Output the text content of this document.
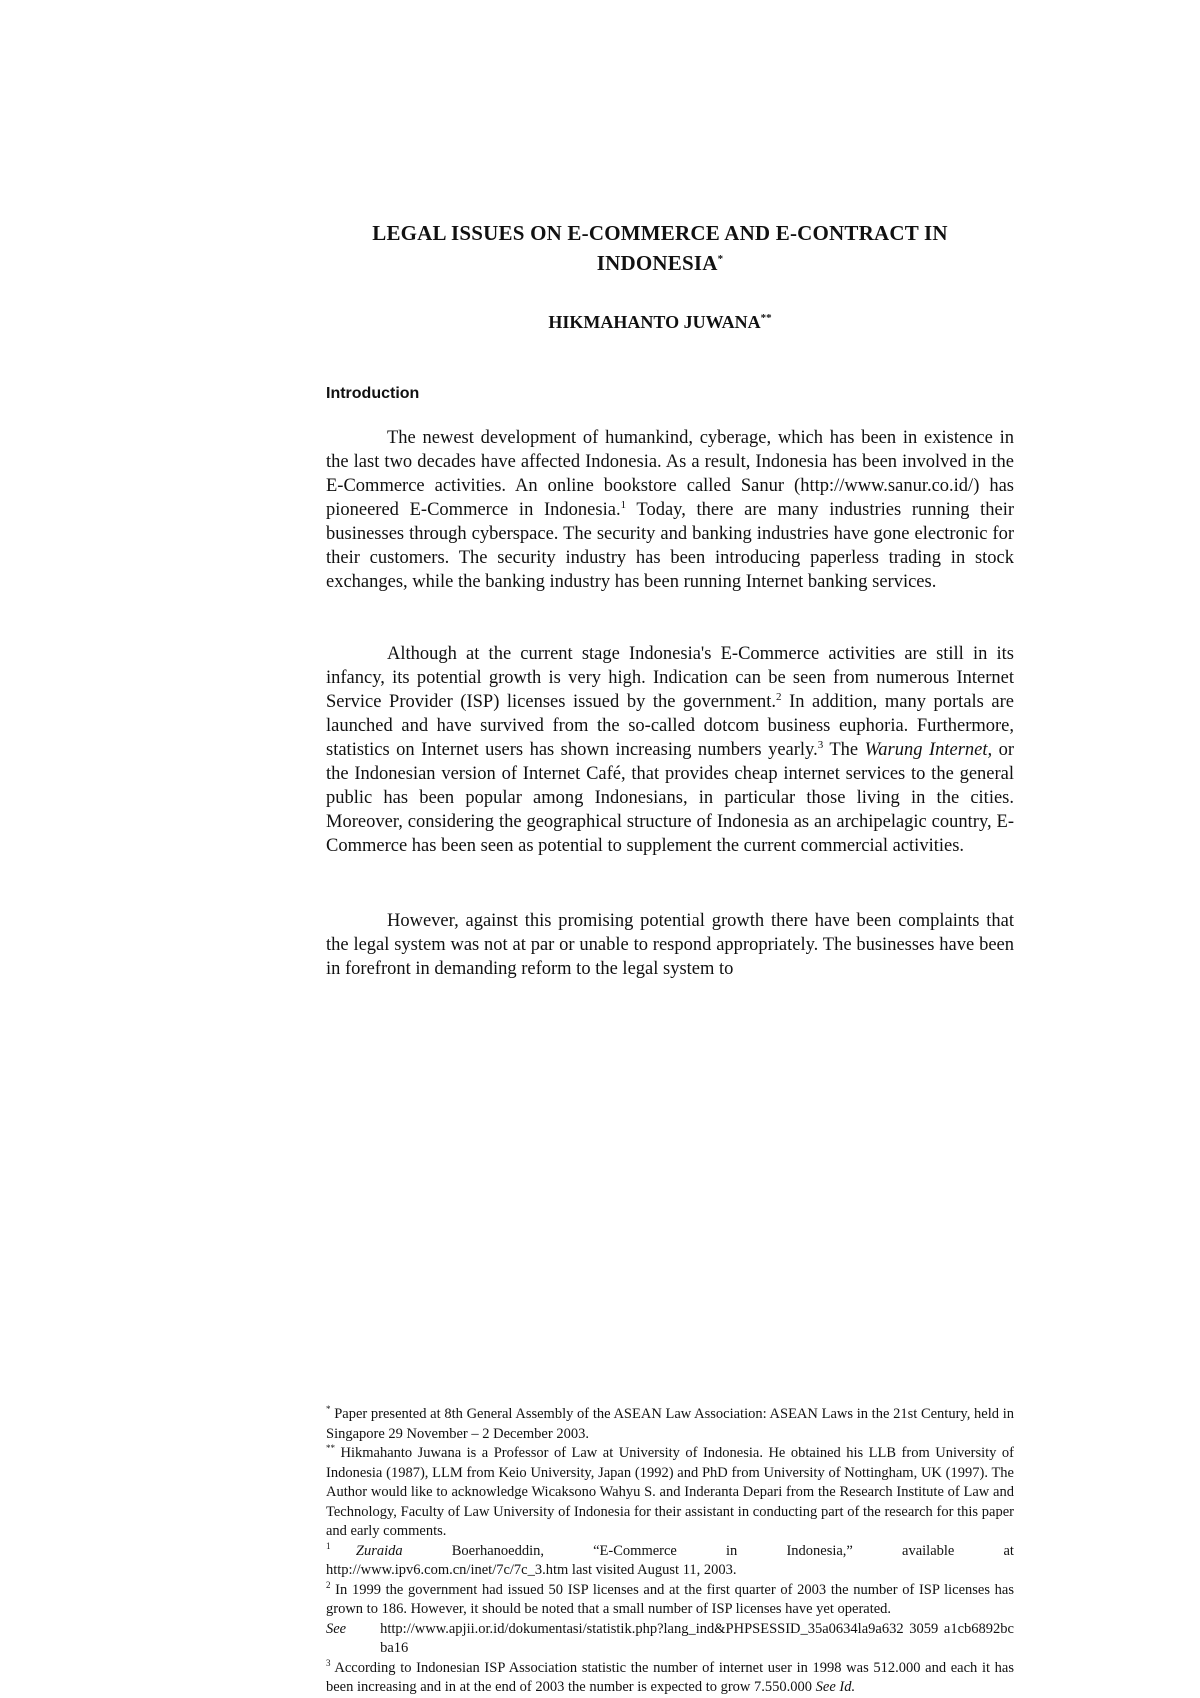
LEGAL ISSUES ON E-COMMERCE AND E-CONTRACT IN
INDONESIA*
HIKMAHANTO JUWANA**
Introduction

The newest development of humankind, cyberage, which has been in existence in the last two decades have affected Indonesia. As a result, Indonesia has been involved in the E-Commerce activities. An online bookstore called Sanur (http://www.sanur.co.id/) has pioneered E-Commerce in Indonesia.$^1$ Today, there are many industries running their businesses through cyberspace. The security and banking industries have gone electronic for their customers. The security industry has been introducing paperless trading in stock exchanges, while the banking industry has been running Internet banking services.

Although at the current stage Indonesia's E-Commerce activities are still in its infancy, its potential growth is very high. Indication can be seen from numerous Internet Service Provider (ISP) licenses issued by the government.$^2$ In addition, many portals are launched and have survived from the so-called dotcom business euphoria. Furthermore, statistics on Internet users has shown increasing numbers yearly.$^3$ The Warung Internet, or the Indonesian version of Internet Café, that provides cheap internet services to the general public has been popular among Indonesians, in particular those living in the cities. Moreover, considering the geographical structure of Indonesia as an archipelagic country, E-Commerce has been seen as potential to supplement the current commercial activities.

However, against this promising potential growth there have been complaints that the legal system was not at par or unable to respond appropriately. The businesses have been in forefront in demanding reform to the legal system to

* Paper presented at 8th General Assembly of the ASEAN Law Association: ASEAN Laws in the 21st Century, held in Singapore 29 November – 2 December 2003.

** Hikmahanto Juwana is a Professor of Law at University of Indonesia. He obtained his LLB from University of Indonesia (1987), LLM from Keio University, Japan (1992) and PhD from University of Nottingham, UK (1997). The Author would like to acknowledge Wicaksono Wahyu S. and Inderanta Depari from the Research Institute of Law and Technology, Faculty of Law University of Indonesia for their assistant in conducting part of the research for this paper and early comments.

$^1$ Zuraida	Boerhanoeddin,	“E-Commerce	in	Indonesia,”	available	at

http://www.ipv6.com.cn/inet/7c/7c_3.htm last visited August 11, 2003.

$^2$ In 1999 the government had issued 50 ISP licenses and at the first quarter of 2003 the number of ISP licenses has grown to 186. However, it should be noted that a small number of ISP licenses have yet operated.

See http://www.apjii.or.id/dokumentasi/statistik.php?lang_ind&PHPSESSID_35a0634la9a632 3059 a1cb6892bcba16

$^3$ According to Indonesian ISP Association statistic the number of internet user in 1998 was 512.000 and each it has been increasing and in at the end of 2003 the number is expected to grow 7.550.000 See Id.
